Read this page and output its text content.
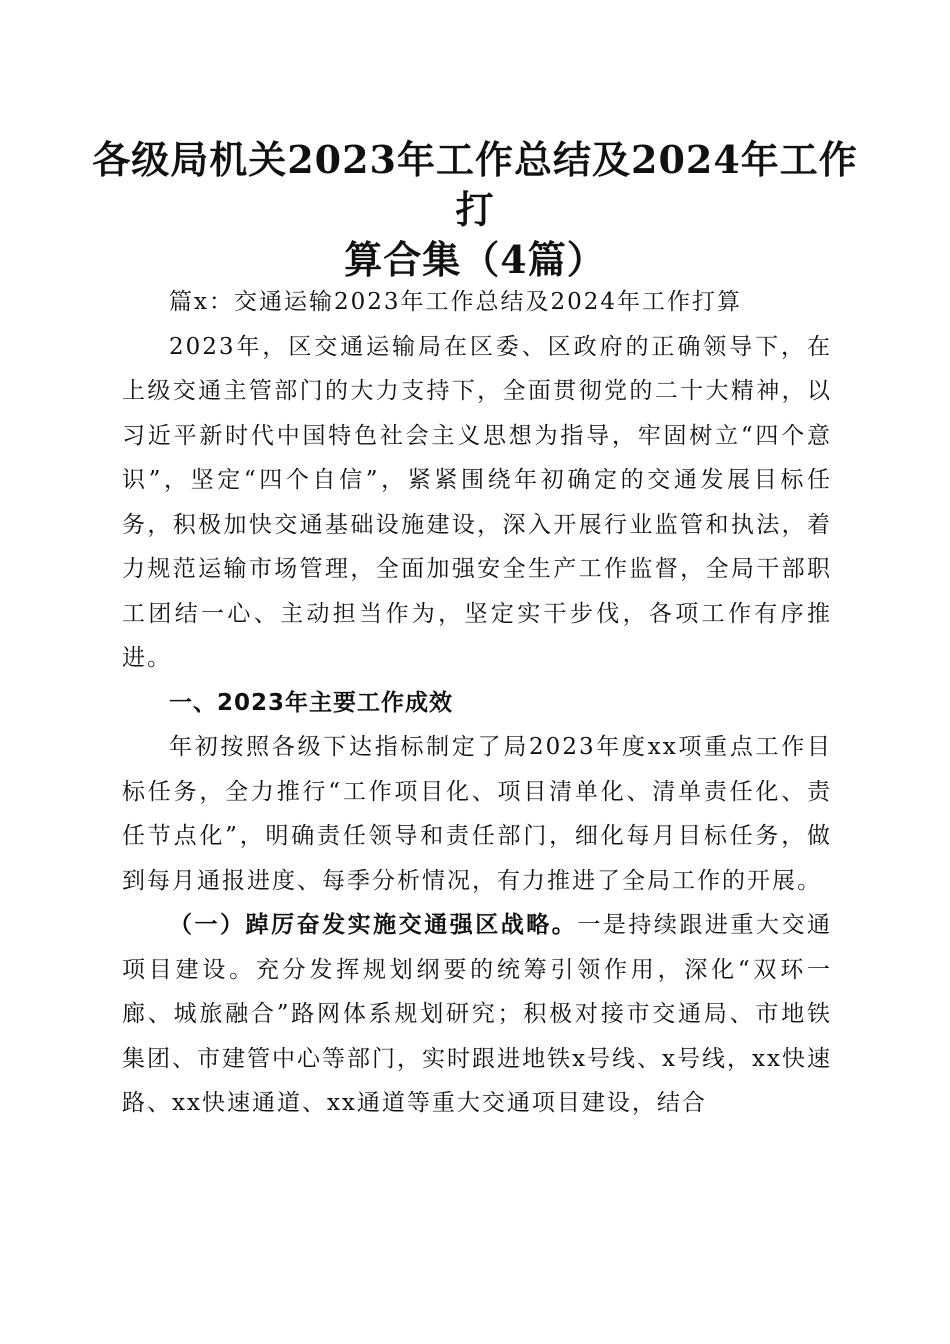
各级局机关2023年工作总结及2024年工作打
算合集（4篇）

篇x：交通运输2023年工作总结及2024年工作打算

2023年，区交通运输局在区委、区政府的正确领导下，在上级交通主管部门的大力支持下，全面贯彻党的二十大精神，以习近平新时代中国特色社会主义思想为指导，牢固树立“四个意识”，坚定“四个自信”，紧紧围绕年初确定的交通发展目标任务，积极加快交通基础设施建设，深入开展行业监管和执法，着力规范运输市场管理，全面加强安全生产工作监督，全局干部职工团结一心、主动担当作为，坚定实干步伐，各项工作有序推进。

一、2023年主要工作成效

年初按照各级下达指标制定了局2023年度xx项重点工作目标任务，全力推行“工作项目化、项目清单化、清单责任化、责任节点化”，明确责任领导和责任部门，细化每月目标任务，做到每月通报进度、每季分析情况，有力推进了全局工作的开展。

（一）踔厉奋发实施交通强区战略。一是持续跟进重大交通项目建设。充分发挥规划纲要的统筹引领作用，深化“双环一廊、城旅融合”路网体系规划研究；积极对接市交通局、市地铁集团、市建管中心等部门，实时跟进地铁x号线、x号线，xx快速路、xx快速通道、xx通道等重大交通项目建设，结合
